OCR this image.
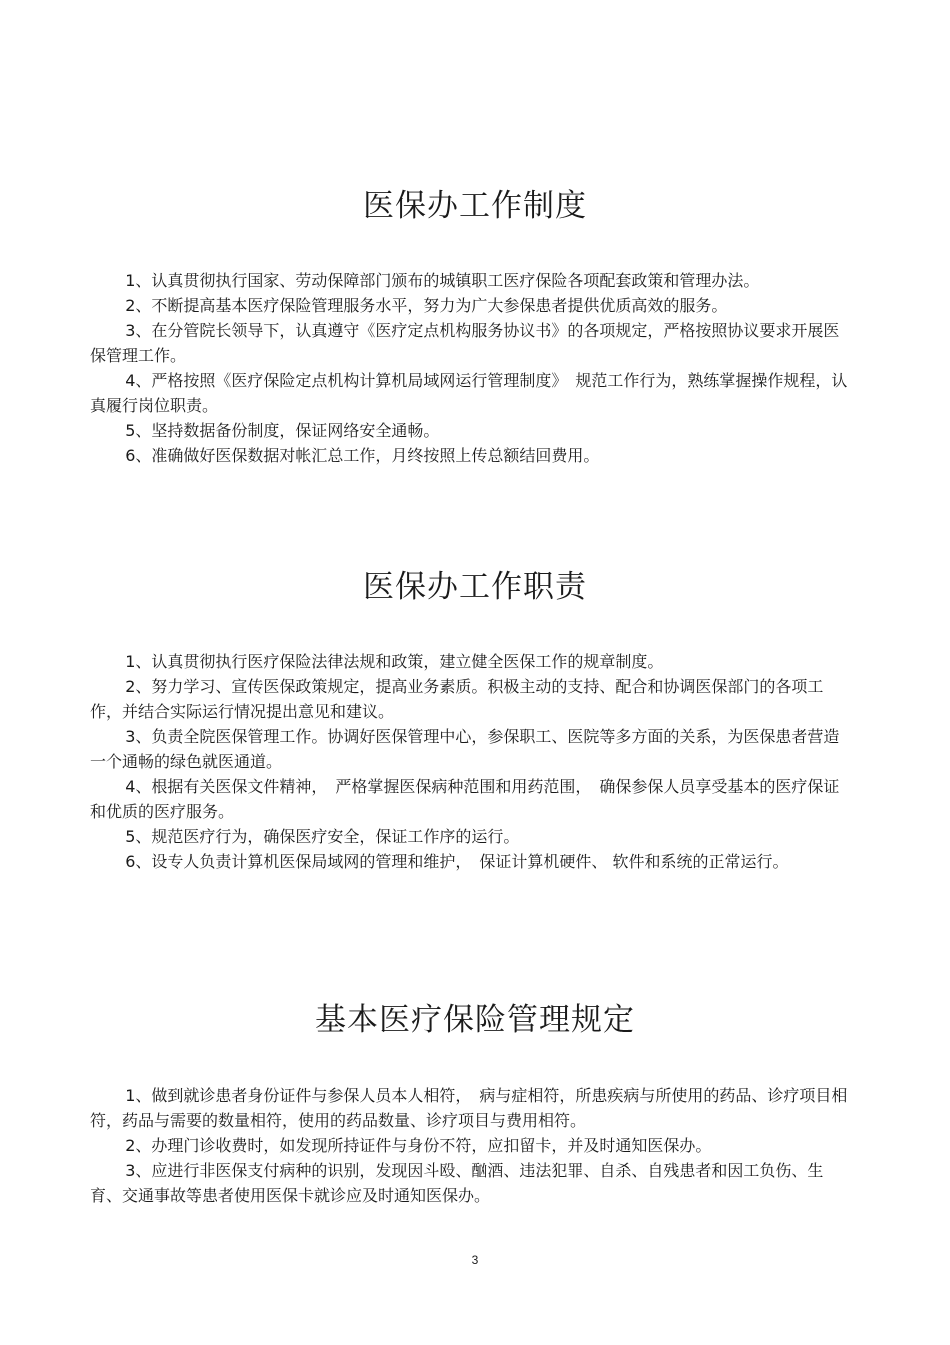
医保办工作制度

1、认真贯彻执行国家、劳动保障部门颁布的城镇职工医疗保险各项配套政策和管理办法。

2、不断提高基本医疗保险管理服务水平，努力为广大参保患者提供优质高效的服务。

3、在分管院长领导下，认真遵守《医疗定点机构服务协议书》的各项规定，严格按照协议要求开展医保管理工作。

4、严格按照《医疗保险定点机构计算机局域网运行管理制度》　规范工作行为，熟练掌握操作规程，认真履行岗位职责。

5、坚持数据备份制度，保证网络安全通畅。

6、准确做好医保数据对帐汇总工作，月终按照上传总额结回费用。

医保办工作职责

1、认真贯彻执行医疗保险法律法规和政策，建立健全医保工作的规章制度。

2、努力学习、宣传医保政策规定，提高业务素质。积极主动的支持、配合和协调医保部门的各项工作，并结合实际运行情况提出意见和建议。

3、负责全院医保管理工作。协调好医保管理中心，参保职工、医院等多方面的关系，为医保患者营造一个通畅的绿色就医通道。

4、根据有关医保文件精神，　严格掌握医保病种范围和用药范围，　确保参保人员享受基本的医疗保证和优质的医疗服务。

5、规范医疗行为，确保医疗安全，保证工作序的运行。

6、设专人负责计算机医保局域网的管理和维护，　保证计算机硬件、 软件和系统的正常运行。

基本医疗保险管理规定

1、做到就诊患者身份证件与参保人员本人相符，　病与症相符，所患疾病与所使用的药品、诊疗项目相符，药品与需要的数量相符，使用的药品数量、诊疗项目与费用相符。

2、办理门诊收费时，如发现所持证件与身份不符，应扣留卡，并及时通知医保办。

3、应进行非医保支付病种的识别，发现因斗殴、酗酒、违法犯罪、自杀、自残患者和因工负伤、生育、交通事故等患者使用医保卡就诊应及时通知医保办。

3
